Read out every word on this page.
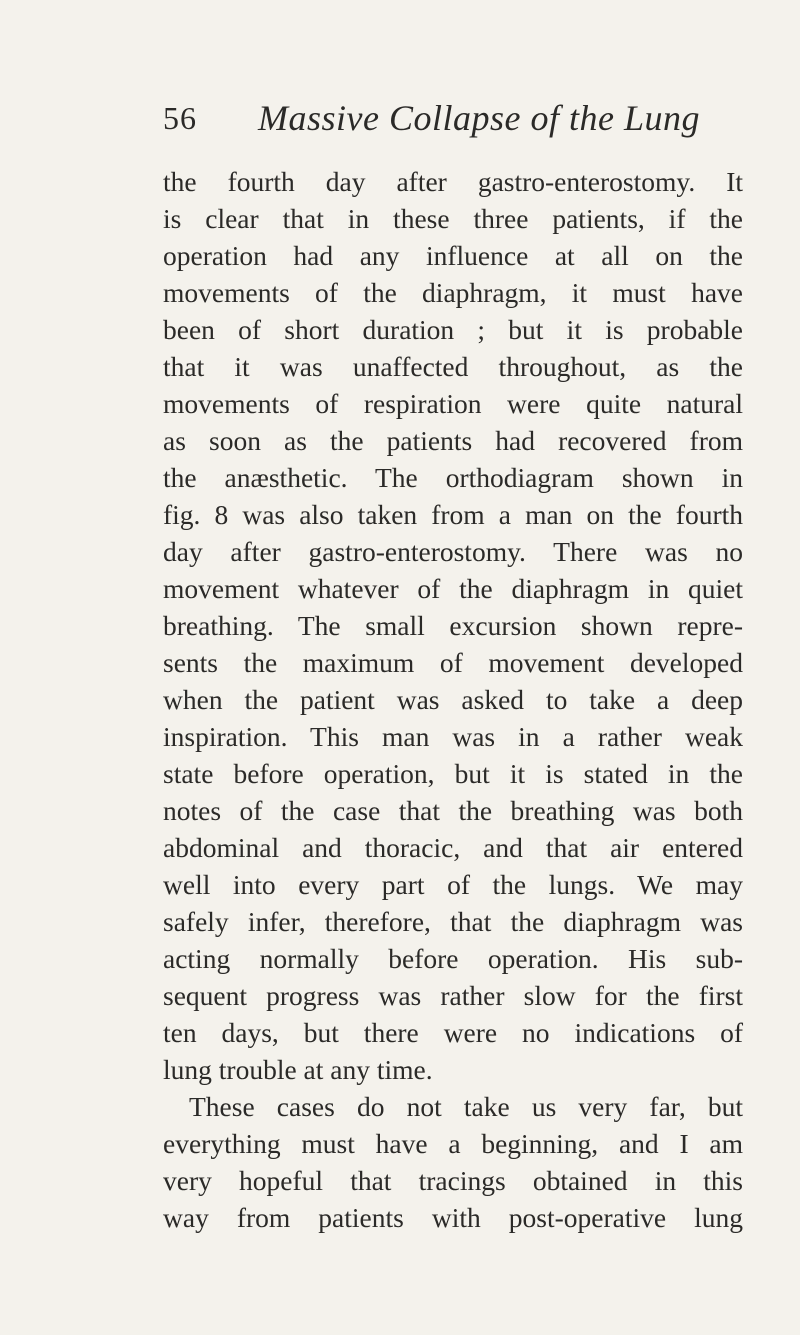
56 Massive Collapse of the Lung
the fourth day after gastro-enterostomy. It
is clear that in these three patients, if the
operation had any influence at all on the
movements of the diaphragm, it must have
been of short duration ; but it is probable
that it was unaffected throughout, as the
movements of respiration were quite natural
as soon as the patients had recovered from
the anæsthetic. The orthodiagram shown in
fig. 8 was also taken from a man on the fourth
day after gastro-enterostomy. There was no
movement whatever of the diaphragm in quiet
breathing. The small excursion shown repre-
sents the maximum of movement developed
when the patient was asked to take a deep
inspiration. This man was in a rather weak
state before operation, but it is stated in the
notes of the case that the breathing was both
abdominal and thoracic, and that air entered
well into every part of the lungs. We may
safely infer, therefore, that the diaphragm was
acting normally before operation. His sub-
sequent progress was rather slow for the first
ten days, but there were no indications of
lung trouble at any time.
These cases do not take us very far, but
everything must have a beginning, and I am
very hopeful that tracings obtained in this
way from patients with post-operative lung
